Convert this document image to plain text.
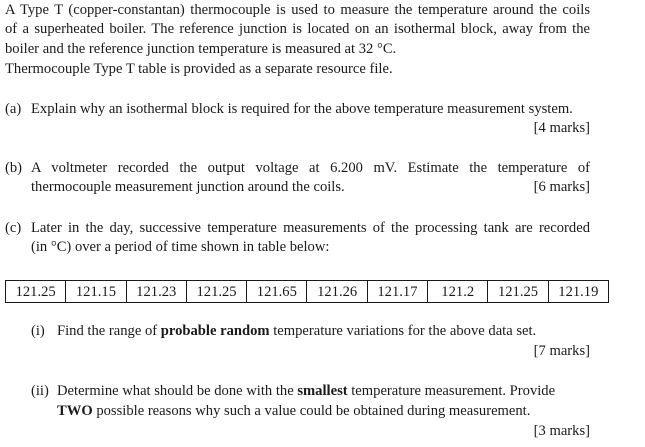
A Type T (copper-constantan) thermocouple is used to measure the temperature around the coils
of a superheated boiler. The reference junction is located on an isothermal block, away from the
boiler and the reference junction temperature is measured at 32 °C.
Thermocouple Type T table is provided as a separate resource file.
(a) Explain why an isothermal block is required for the above temperature measurement system.
[4 marks]
(b) A voltmeter recorded the output voltage at 6.200 mV. Estimate the temperature of
thermocouple measurement junction around the coils.	[6 marks]
(c) Later in the day, successive temperature measurements of the processing tank are recorded
(in °C) over a period of time shown in table below:
121.25	121.15	121.23	121.25	121.65	121.26	121.17	121.2	121.25	121.19
(i) Find the range of probable random temperature variations for the above data set.
[7 marks]
(ii) Determine what should be done with the smallest temperature measurement. Provide
TWO possible reasons why such a value could be obtained during measurement.
[3 marks]
